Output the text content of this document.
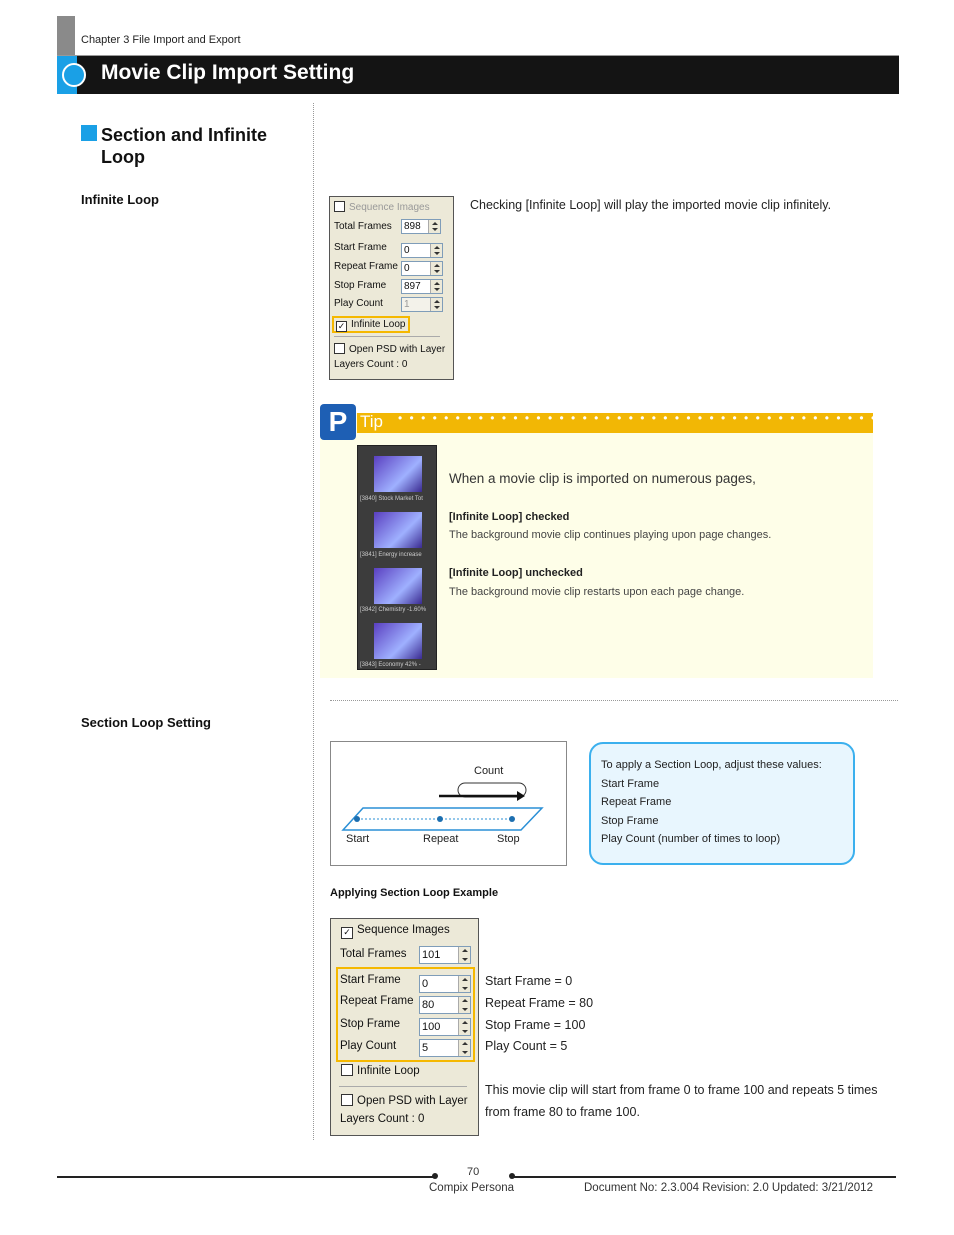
Chapter 3 File Import and Export
Movie Clip Import Setting
Section and Infinite Loop
Infinite Loop
Section Loop Setting
Sequence Images
Total Frames	898
Start Frame	0
Repeat Frame 0
Stop Frame	897
Play Count	1
✓ Infinite Loop
Open PSD with Layer
Layers Count : 0
Checking [Infinite Loop] will play the imported movie clip infinitely.
P Tip • • • • • • • • • • • • • • • • • • • • • • • • • • • • • • • • • • • • • • • • • •
[3840] Stock Market Tot
[3841] Energy increase
[3842] Chemistry -1.60%
[3843] Economy 42% -
When a movie clip is imported on numerous pages,
[Infinite Loop] checked
The background movie clip continues playing upon page changes.
[Infinite Loop] unchecked
The background movie clip restarts upon each page change.
Count
Start	Repeat	Stop
To apply a Section Loop, adjust these values:
Start Frame
Repeat Frame
Stop Frame
Play Count (number of times to loop)
Applying Section Loop Example
✓ Sequence Images
Total Frames 101
Start Frame 0
Repeat Frame 80
Stop Frame 100
Play Count 5
Infinite Loop
Open PSD with Layer
Layers Count : 0
Start Frame = 0
Repeat Frame = 80
Stop Frame = 100
Play Count = 5
This movie clip will start from frame 0 to frame 100 and repeats 5 times
from frame 80 to frame 100.
70
Compix Persona	Document No: 2.3.004 Revision: 2.0 Updated: 3/21/2012
